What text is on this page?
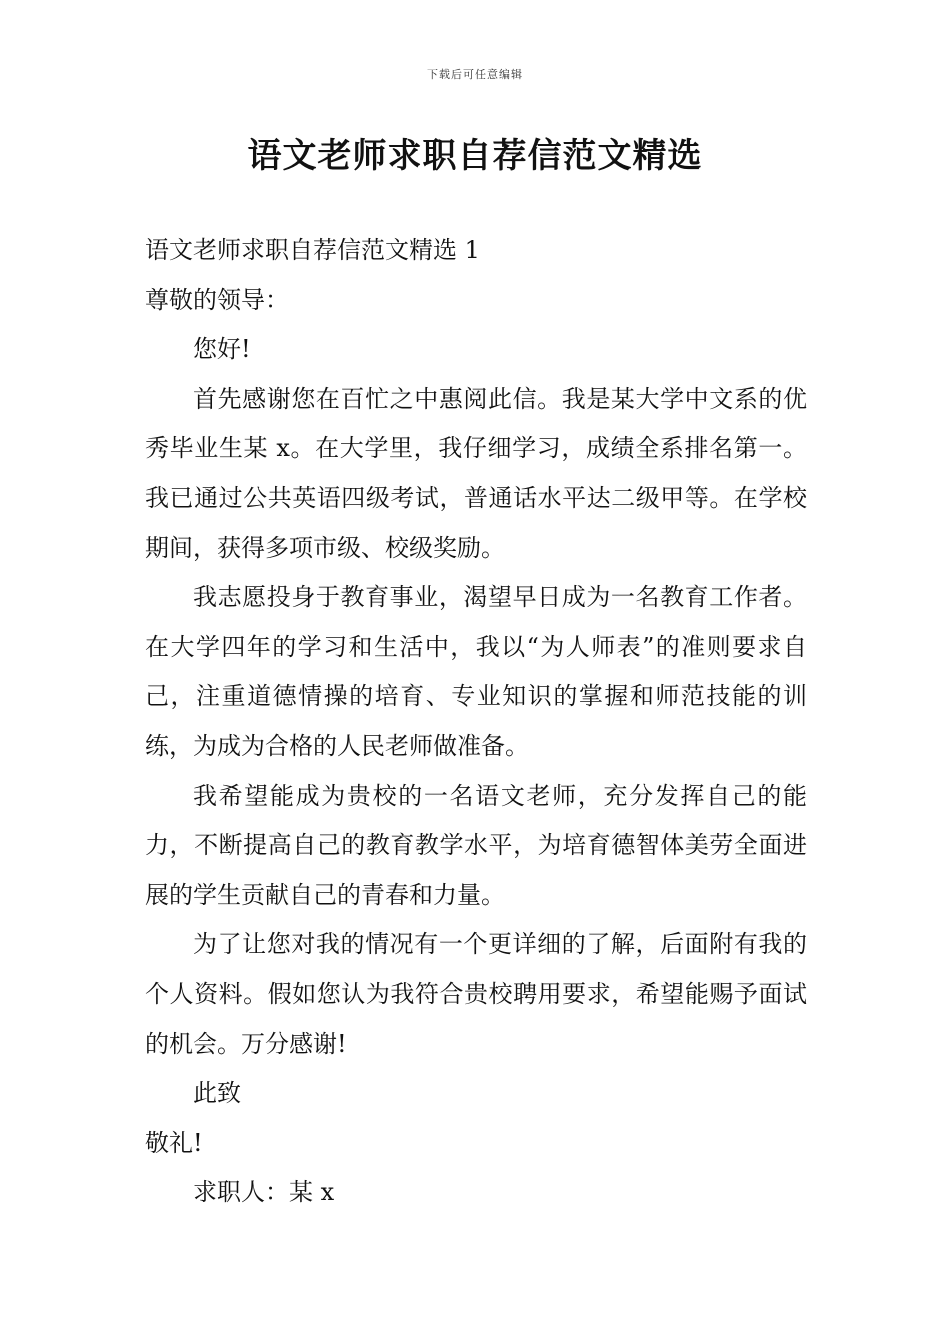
下载后可任意编辑
语文老师求职自荐信范文精选

语文老师求职自荐信范文精选 1

尊敬的领导：

您好!

首先感谢您在百忙之中惠阅此信。我是某大学中文系的优秀毕业生某 x。在大学里，我仔细学习，成绩全系排名第一。我已通过公共英语四级考试，普通话水平达二级甲等。在学校期间，获得多项市级、校级奖励。

我志愿投身于教育事业，渴望早日成为一名教育工作者。在大学四年的学习和生活中，我以“为人师表”的准则要求自己，注重道德情操的培育、专业知识的掌握和师范技能的训练，为成为合格的人民老师做准备。

我希望能成为贵校的一名语文老师，充分发挥自己的能力，不断提高自己的教育教学水平，为培育德智体美劳全面进展的学生贡献自己的青春和力量。

为了让您对我的情况有一个更详细的了解，后面附有我的个人资料。假如您认为我符合贵校聘用要求，希望能赐予面试的机会。万分感谢!

此致

敬礼!

求职人：某 x
